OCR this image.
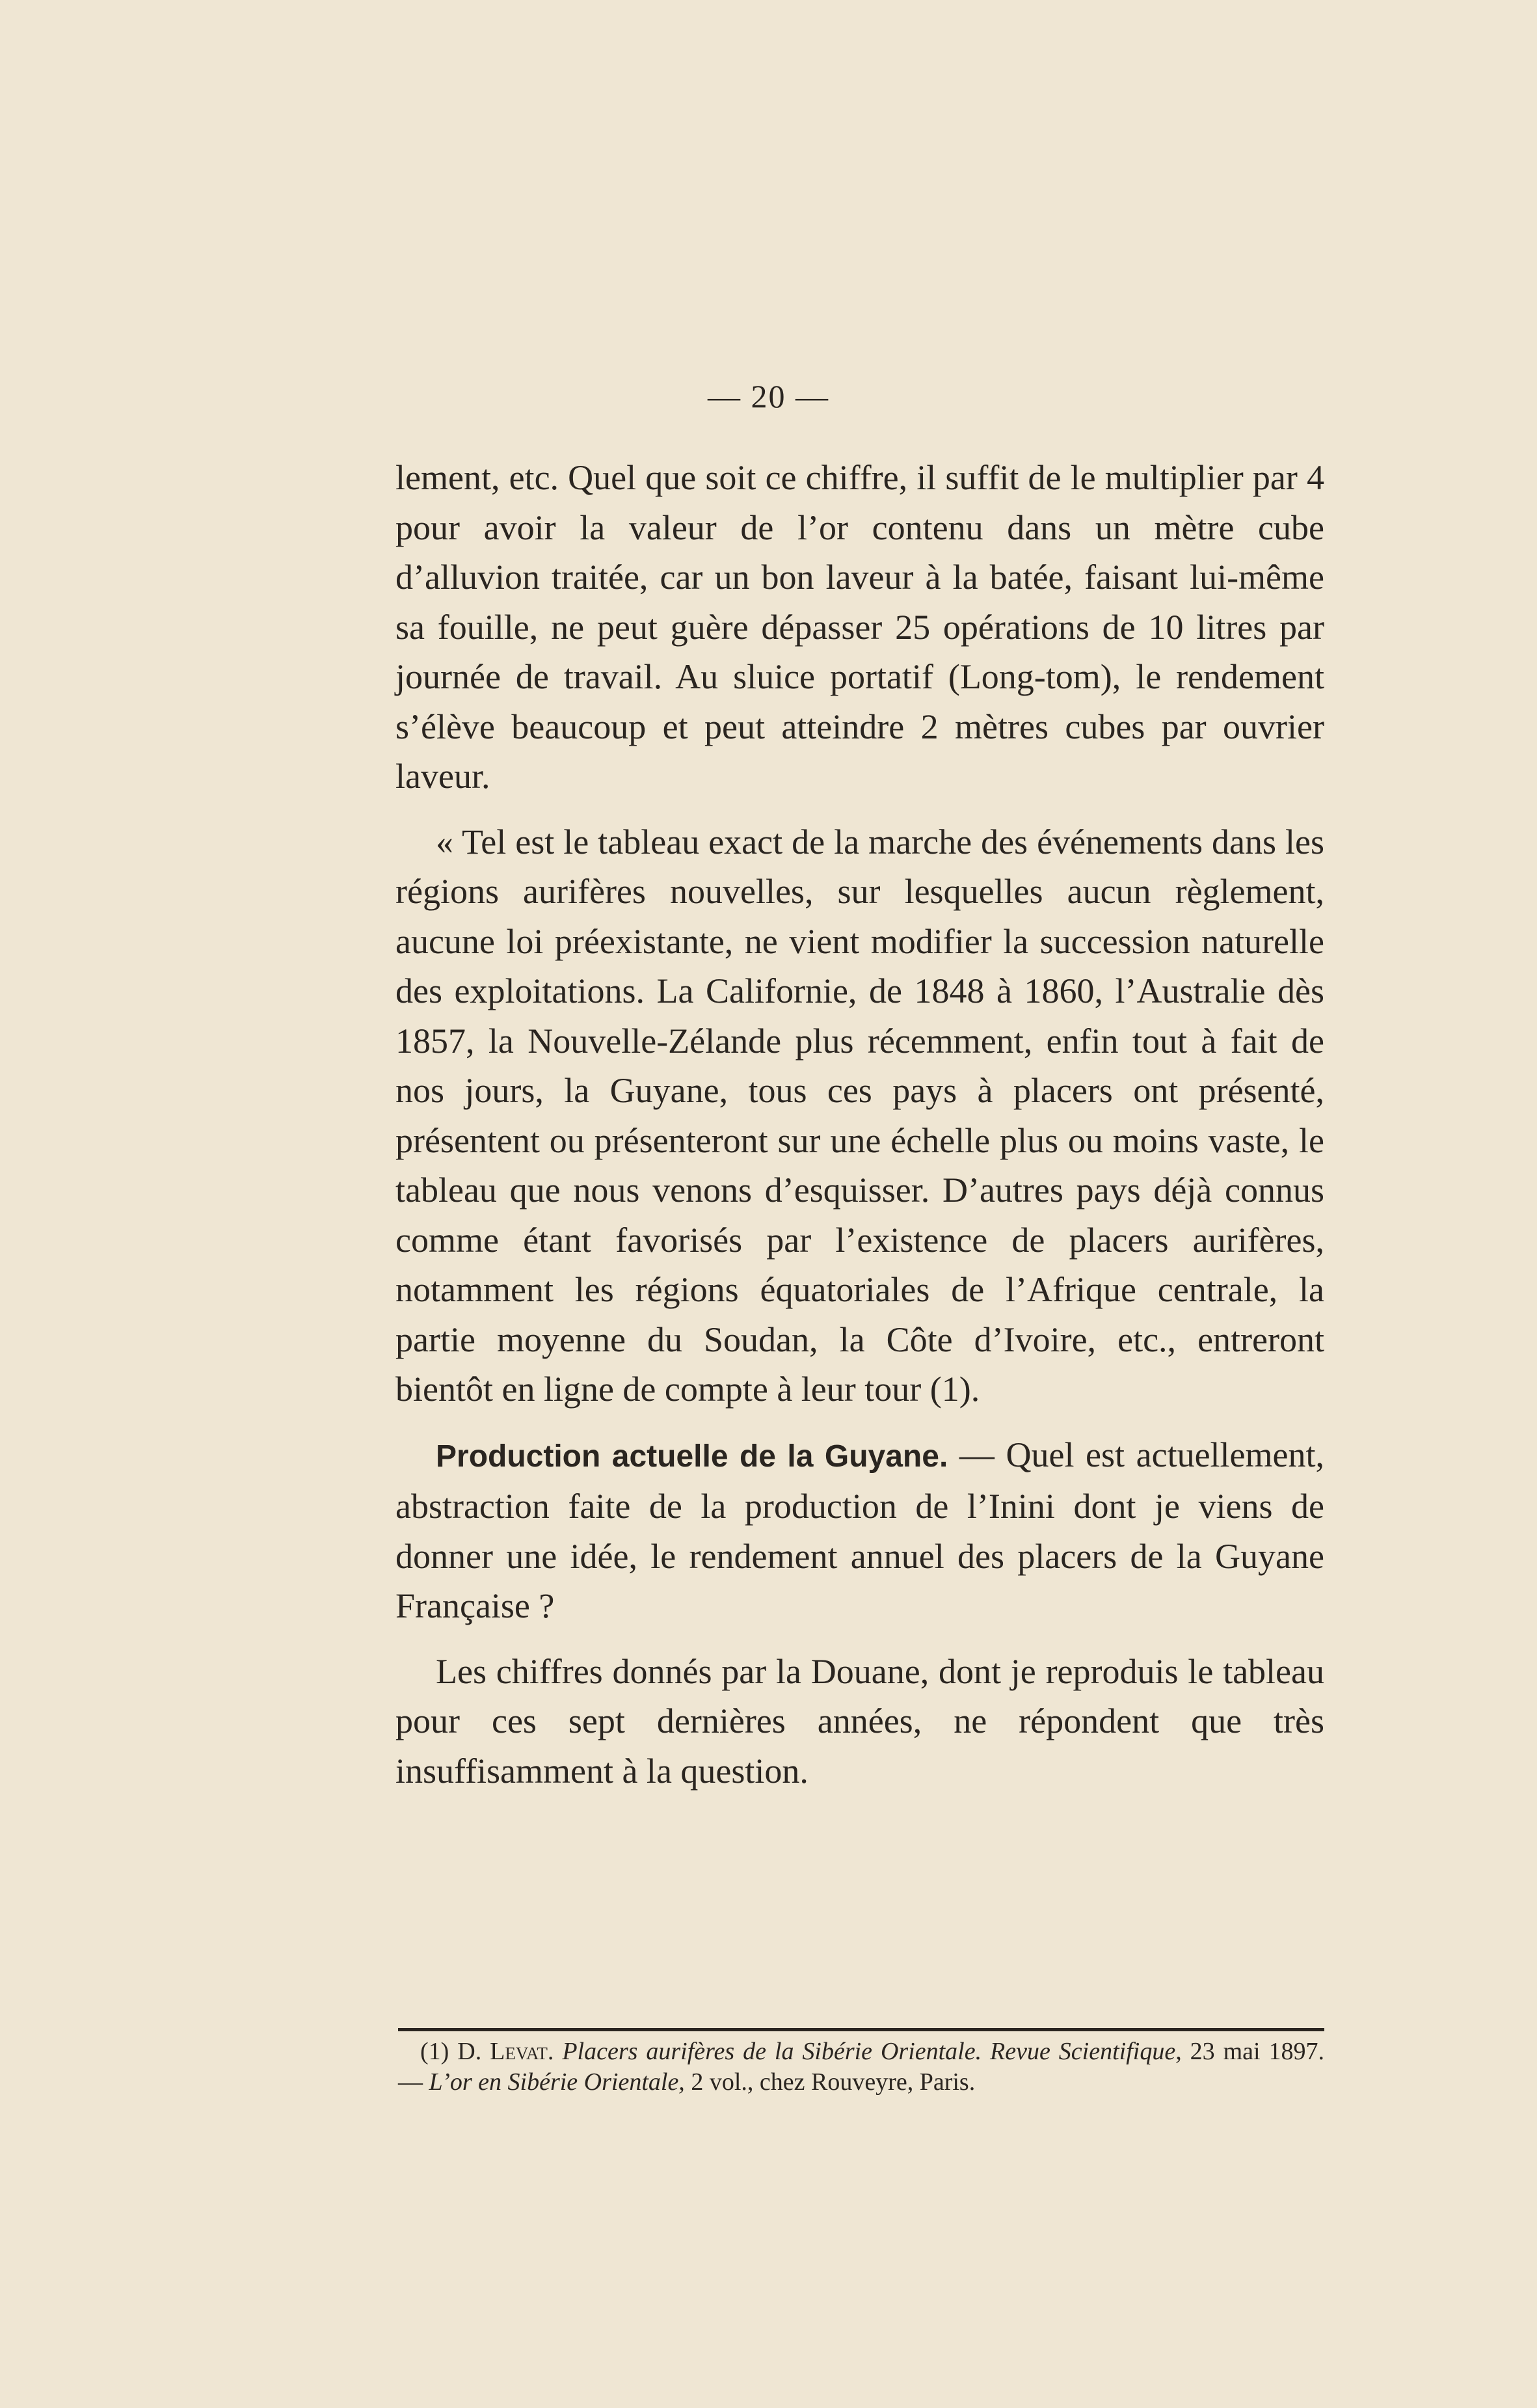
— 20 —

lement, etc. Quel que soit ce chiffre, il suffit de le multiplier par 4 pour avoir la valeur de l’or contenu dans un mètre cube d’alluvion traitée, car un bon laveur à la batée, faisant lui-même sa fouille, ne peut guère dépasser 25 opérations de 10 litres par journée de travail. Au sluice portatif (Long-tom), le rendement s’élève beaucoup et peut atteindre 2 mètres cubes par ouvrier laveur.

« Tel est le tableau exact de la marche des événements dans les régions aurifères nouvelles, sur lesquelles aucun règlement, aucune loi préexistante, ne vient modifier la succession naturelle des exploitations. La Californie, de 1848 à 1860, l’Australie dès 1857, la Nouvelle-Zélande plus récemment, enfin tout à fait de nos jours, la Guyane, tous ces pays à placers ont présenté, présentent ou présenteront sur une échelle plus ou moins vaste, le tableau que nous venons d’esquisser. D’autres pays déjà connus comme étant favorisés par l’existence de placers aurifères, notamment les régions équatoriales de l’Afrique centrale, la partie moyenne du Soudan, la Côte d’Ivoire, etc., entreront bientôt en ligne de compte à leur tour (1).

Production actuelle de la Guyane. — Quel est actuellement, abstraction faite de la production de l’Inini dont je viens de donner une idée, le rendement annuel des placers de la Guyane Française ?

Les chiffres donnés par la Douane, dont je reproduis le tableau pour ces sept dernières années, ne répondent que très insuffisamment à la question.

(1) D. Levat. Placers aurifères de la Sibérie Orientale. Revue Scientifique, 23 mai 1897. — L’or en Sibérie Orientale, 2 vol., chez Rouveyre, Paris.
